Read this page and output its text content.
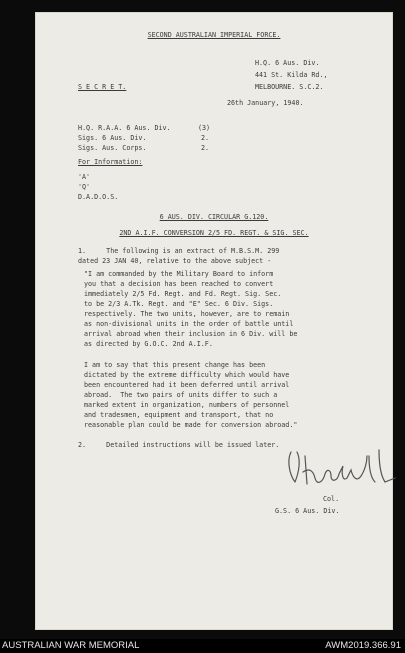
SECOND AUSTRALIAN IMPERIAL FORCE.
H.Q. 6 Aus. Div.
441 St. Kilda Rd.,
MELBOURNE. S.C.2.
S E C R E T.
26th January, 1940.
H.Q. R.A.A. 6 Aus. Div.	(3)
Sigs. 6 Aus. Div.	2.
Sigs. Aus. Corps.	2.
For Information:
'A'
'Q'
D.A.D.O.S.
6 AUS. DIV. CIRCULAR G.120.
2ND A.I.F. CONVERSION 2/5 FD. REGT. & SIG. SEC.
1.     The following is an extract of M.B.S.M. 299
dated 23 JAN 40, relative to the above subject -
"I am commanded by the Military Board to inform
you that a decision has been reached to convert
immediately 2/5 Fd. Regt. and Fd. Regt. Sig. Sec.
to be 2/3 A.Tk. Regt. and "E" Sec. 6 Div. Sigs.
respectively. The two units, however, are to remain
as non-divisional units in the order of battle until
arrival abroad when their inclusion in 6 Div. will be
as directed by G.O.C. 2nd A.I.F.
I am to say that this present change has been
dictated by the extreme difficulty which would have
been encountered had it been deferred until arrival
abroad.  The two pairs of units differ to such a
marked extent in organization, numbers of personnel
and tradesmen, equipment and transport, that no
reasonable plan could be made for conversion abroad."
2.     Detailed instructions will be issued later.
Col.
G.S. 6 Aus. Div.
AUSTRALIAN WAR MEMORIAL	AWM2019.366.91
